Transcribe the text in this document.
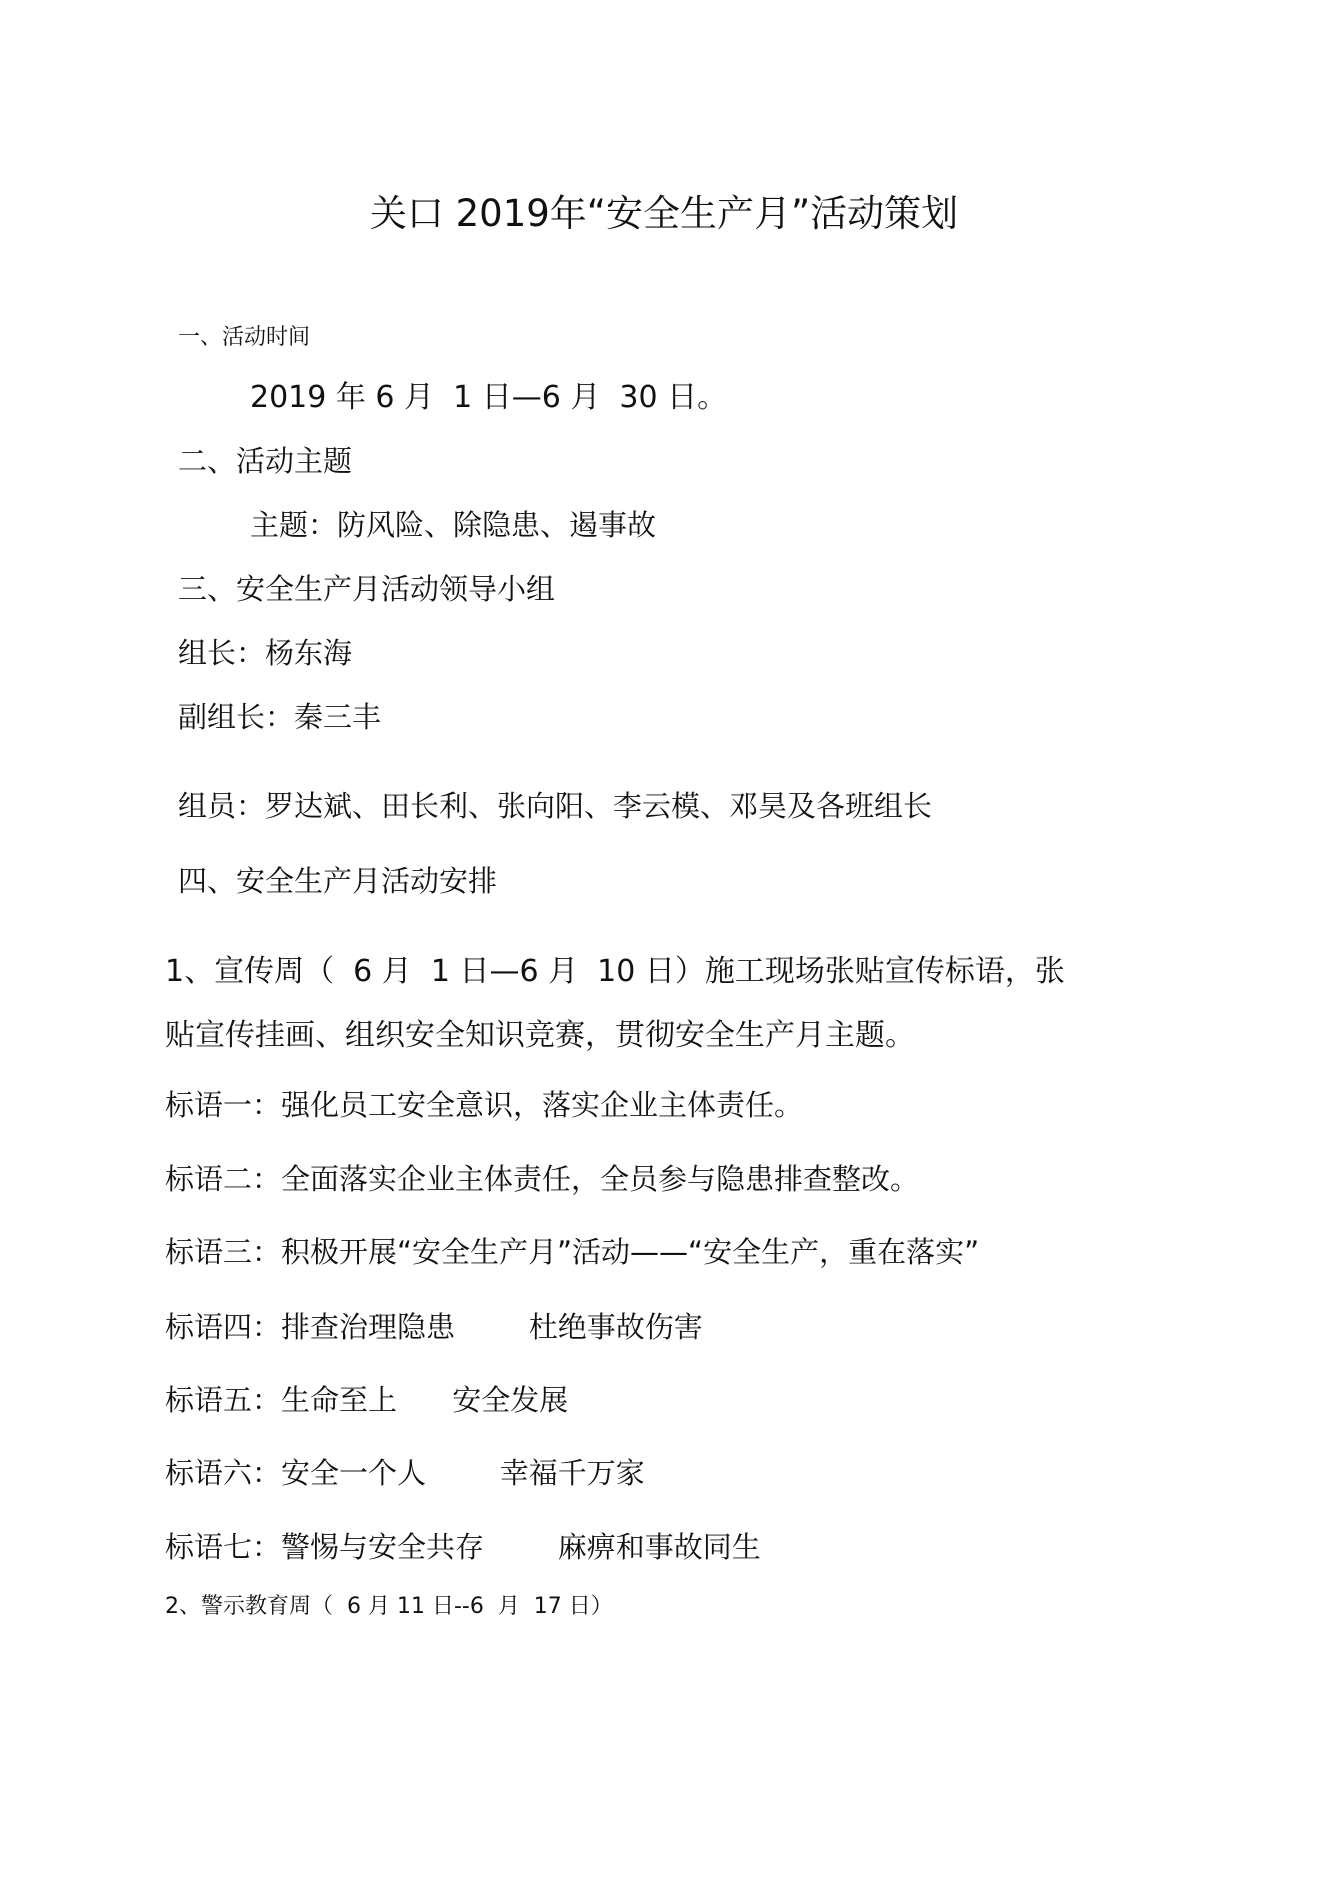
关口 2019年“安全生产月”活动策划
一、活动时间
2019 年 6 月  1 日—6 月  30 日。
二、活动主题
主题：防风险、除隐患、遏事故
三、安全生产月活动领导小组
组长：杨东海
副组长：秦三丰
组员：罗达斌、田长利、张向阳、李云模、邓昊及各班组长
四、安全生产月活动安排
1、宣传周（  6 月  1 日—6 月  10 日）施工现场张贴宣传标语，张
贴宣传挂画、组织安全知识竞赛，贯彻安全生产月主题。
标语一：强化员工安全意识，落实企业主体责任。
标语二：全面落实企业主体责任，全员参与隐患排查整改。
标语三：积极开展“安全生产月”活动——“安全生产，重在落实”
标语四：排查治理隐患        杜绝事故伤害
标语五：生命至上      安全发展
标语六：安全一个人        幸福千万家
标语七：警惕与安全共存        麻痹和事故同生
2、警示教育周（  6 月 11 日--6  月  17 日）
